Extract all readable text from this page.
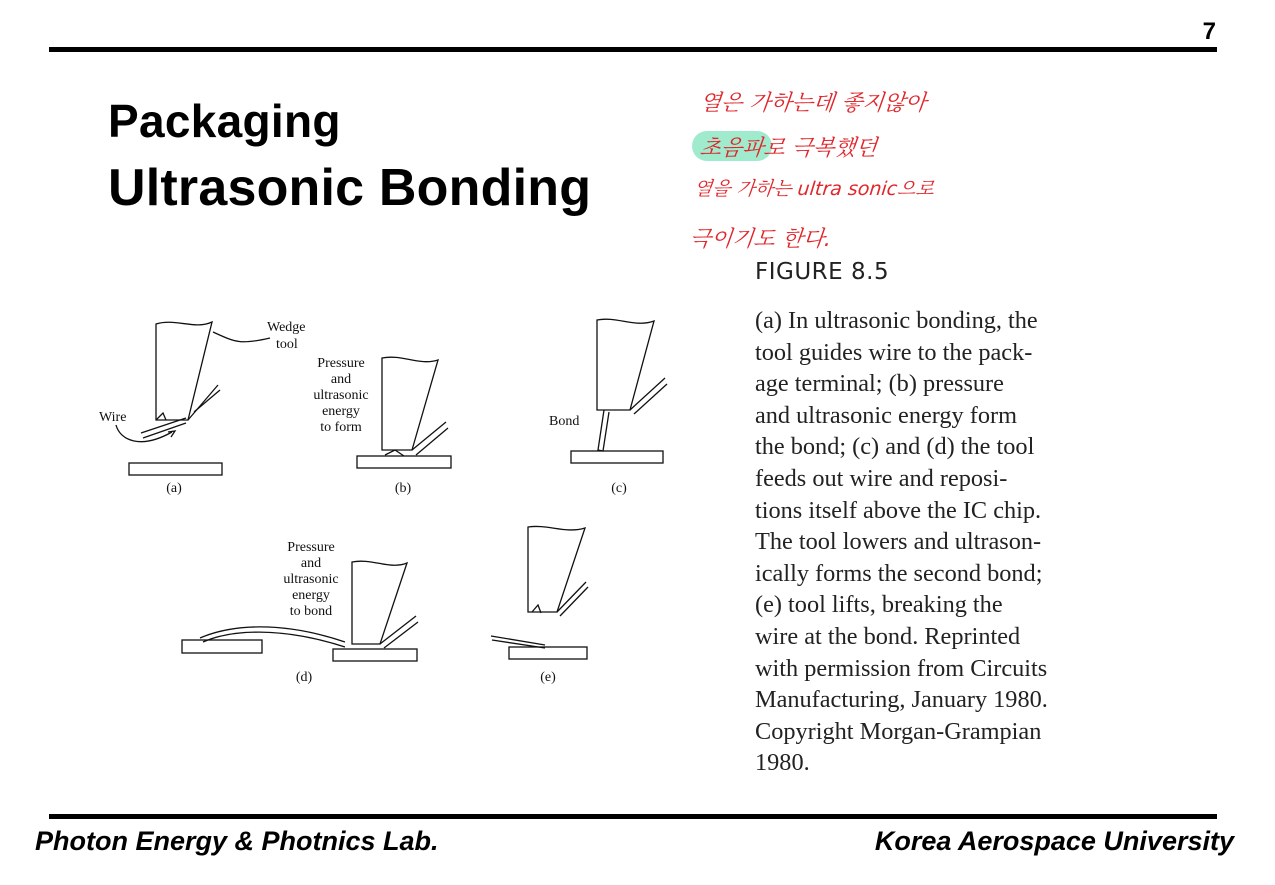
7
Packaging
Ultrasonic Bonding
열은 가하는데 좋지않아
초음파로 극복했던
열을 가하는 ultra sonic으로
극이기도 한다.
FIGURE 8.5
(a) In ultrasonic bonding, the
tool guides wire to the pack-
age terminal; (b) pressure
and ultrasonic energy form
the bond; (c) and (d) the tool
feeds out wire and reposi-
tions itself above the IC chip.
The tool lowers and ultrason-
ically forms the second bond;
(e) tool lifts, breaking the
wire at the bond. Reprinted
with permission from Circuits
Manufacturing, January 1980.
Copyright Morgan-Grampian
1980.
Wedge
tool
Wire
Pressure
and
ultrasonic
energy
to form	Bond
Pressure
and
ultrasonic
energy
to bond
(a)	(b)	(c)
(d)	(e)
Photon Energy & Photnics Lab.	Korea Aerospace University
